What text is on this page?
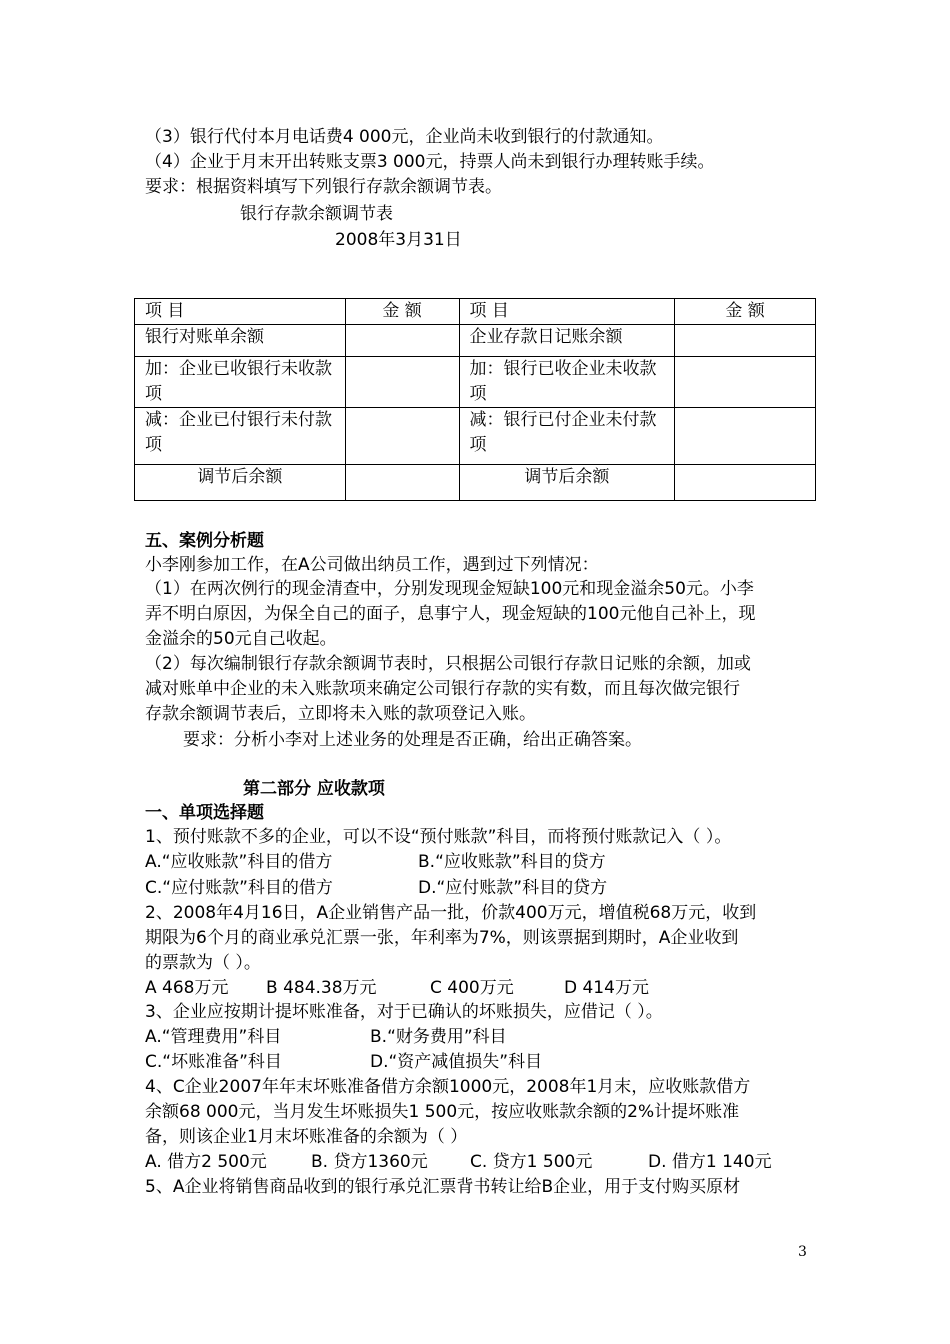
（3）银行代付本月电话费4 000元，企业尚未收到银行的付款通知。
（4）企业于月末开出转账支票3 000元，持票人尚未到银行办理转账手续。
要求：根据资料填写下列银行存款余额调节表。
银行存款余额调节表
2008年3月31日
项 目	金 额	项 目	金 额
银行对账单余额		企业存款日记账余额	
加：企业已收银行未收款项		加：银行已收企业未收款项	
减：企业已付银行未付款项		减：银行已付企业未付款项	
调节后余额		调节后余额	
五、案例分析题
小李刚参加工作，在A公司做出纳员工作，遇到过下列情况：
（1）在两次例行的现金清查中，分别发现现金短缺100元和现金溢余50元。小李
弄不明白原因，为保全自己的面子，息事宁人，现金短缺的100元他自己补上，现
金溢余的50元自己收起。
（2）每次编制银行存款余额调节表时，只根据公司银行存款日记账的余额，加或
减对账单中企业的未入账款项来确定公司银行存款的实有数，而且每次做完银行
存款余额调节表后，立即将未入账的款项登记入账。
要求：分析小李对上述业务的处理是否正确，给出正确答案。
第二部分 应收款项
一、单项选择题
1、预付账款不多的企业，可以不设“预付账款”科目，而将预付账款记入（ ）。
A.“应收账款”科目的借方	B.“应收账款”科目的贷方
C.“应付账款”科目的借方	D.“应付账款”科目的贷方
2、2008年4月16日，A企业销售产品一批，价款400万元，增值税68万元，收到
期限为6个月的商业承兑汇票一张，年利率为7%，则该票据到期时，A企业收到
的票款为（ ）。
A 468万元 B 484.38万元	C 400万元	D 414万元
3、企业应按期计提坏账准备，对于已确认的坏账损失，应借记（ ）。
A.“管理费用”科目	B.“财务费用”科目
C.“坏账准备”科目	D.“资产减值损失”科目
4、C企业2007年年末坏账准备借方余额1000元，2008年1月末，应收账款借方
余额68 000元，当月发生坏账损失1 500元，按应收账款余额的2%计提坏账准
备，则该企业1月末坏账准备的余额为（ ）
A. 借方2 500元	B. 贷方1360元 C. 贷方1 500元	D. 借方1 140元
5、A企业将销售商品收到的银行承兑汇票背书转让给B企业，用于支付购买原材
3
